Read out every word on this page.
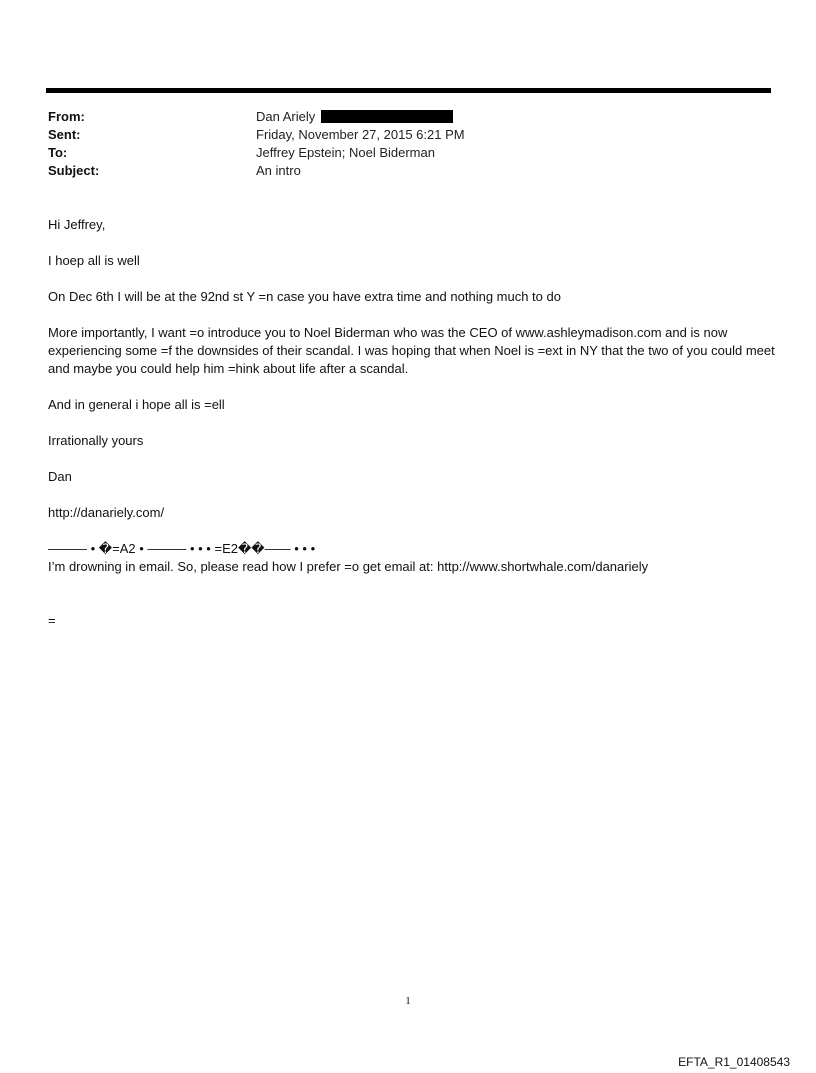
From:	Dan Ariely
Sent:	Friday, November 27, 2015 6:21 PM
To:	Jeffrey Epstein; Noel Biderman
Subject:	An intro

Hi Jeffrey,

I hoep all is well

On Dec 6th I will be at the 92nd st Y =n case you have extra time and nothing much to do

More importantly, I want =o introduce you to Noel Biderman who was the CEO of www.ashleymadison.com and is now experiencing some =f the downsides of their scandal. I was hoping that when Noel is =ext in NY that the two of you could meet and maybe you could help him =hink about life after a scandal.

And in general i hope all is =ell

Irrationally yours

Dan

http://danariely.com/

——— • �=A2 • ——— • • • =E2��—— • • •

I’m drowning in email. So, please read how I prefer =o get email at: http://www.shortwhale.com/danariely

=

1
EFTA_R1_01408543
